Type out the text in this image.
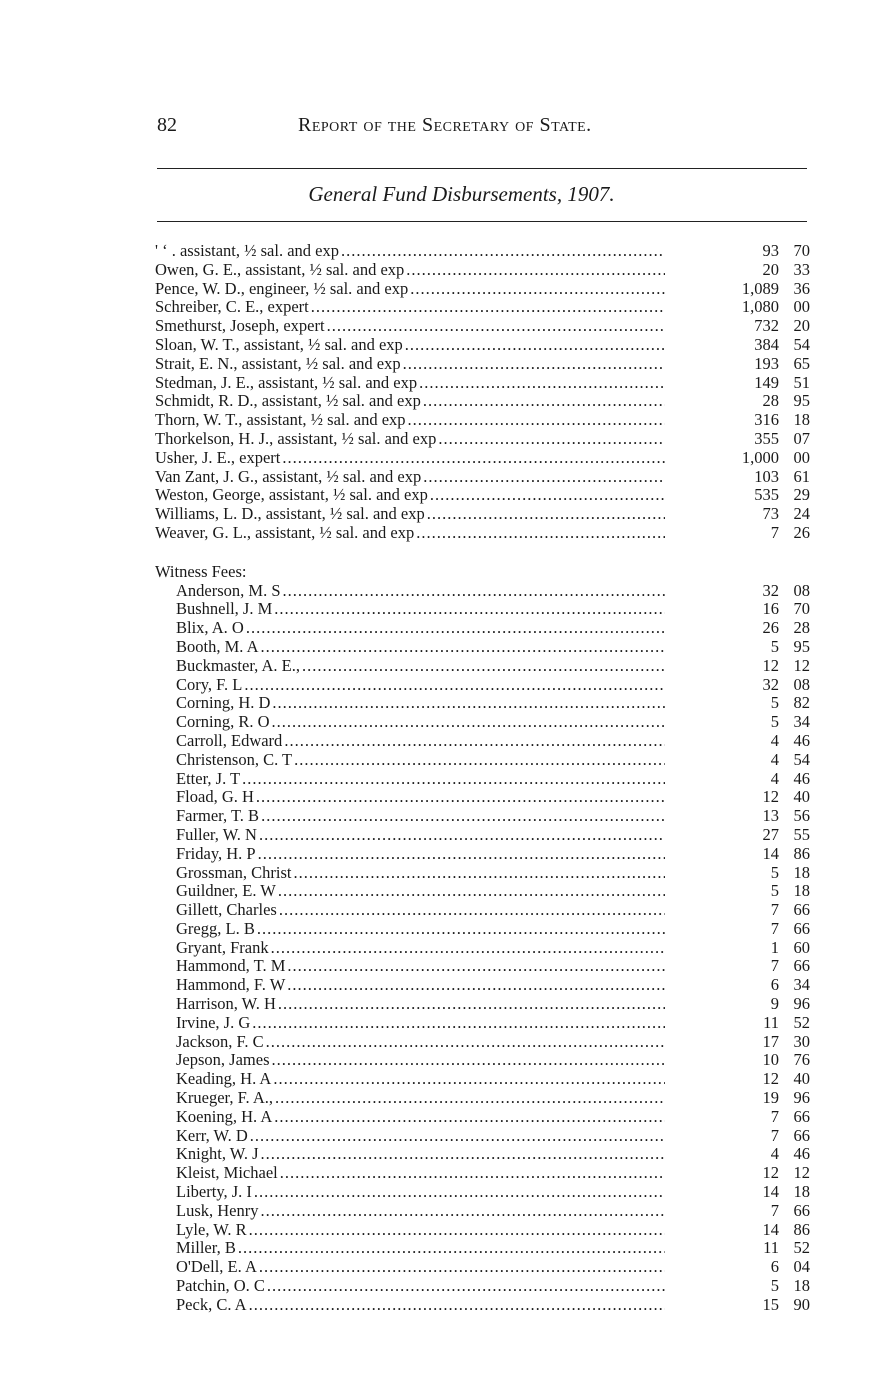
82	Report of the Secretary of State.
General Fund Disbursements, 1907.
' ‘ . assistant, ½ sal. and exp .....	93 70
Owen, G. E., assistant, ½ sal. and exp .....	20 33
Pence, W. D., engineer, ½ sal. and exp .....	1,089 36
Schreiber, C. E., expert .....	1,080 00
Smethurst, Joseph, expert .....	732 20
Sloan, W. T., assistant, ½ sal. and exp .....	384 54
Strait, E. N., assistant, ½ sal. and exp .....	193 65
Stedman, J. E., assistant, ½ sal. and exp .....	149 51
Schmidt, R. D., assistant, ½ sal. and exp .....	28 95
Thorn, W. T., assistant, ½ sal. and exp .....	316 18
Thorkelson, H. J., assistant, ½ sal. and exp .....	355 07
Usher, J. E., expert .....	1,000 00
Van Zant, J. G., assistant, ½ sal. and exp .....	103 61
Weston, George, assistant, ½ sal. and exp .....	535 29
Williams, L. D., assistant, ½ sal. and exp .....	73 24
Weaver, G. L., assistant, ½ sal. and exp .....	7 26
Witness Fees:
Anderson, M. S .....	32 08
Bushnell, J. M .....	16 70
Blix, A. O .....	26 28
Booth, M. A .....	5 95
Buckmaster, A. E., .....	12 12
Cory, F. L .....	32 08
Corning, H. D .....	5 82
Corning, R. O .....	5 34
Carroll, Edward .....	4 46
Christenson, C. T .....	4 54
Etter, J. T .....	4 46
Fload, G. H .....	12 40
Farmer, T. B .....	13 56
Fuller, W. N .....	27 55
Friday, H. P .....	14 86
Grossman, Christ .....	5 18
Guildner, E. W .....	5 18
Gillett, Charles .....	7 66
Gregg, L. B .....	7 66
Gryant, Frank .....	1 60
Hammond, T. M .....	7 66
Hammond, F. W .....	6 34
Harrison, W. H .....	9 96
Irvine, J. G .....	11 52
Jackson, F. C .....	17 30
Jepson, James .....	10 76
Keading, H. A .....	12 40
Krueger, F. A., .....	19 96
Koening, H. A .....	7 66
Kerr, W. D .....	7 66
Knight, W. J .....	4 46
Kleist, Michael .....	12 12
Liberty, J. I .....	14 18
Lusk, Henry .....	7 66
Lyle, W. R .....	14 86
Miller, B .....	11 52
O'Dell, E. A .....	6 04
Patchin, O. C .....	5 18
Peck, C. A .....	15 90
